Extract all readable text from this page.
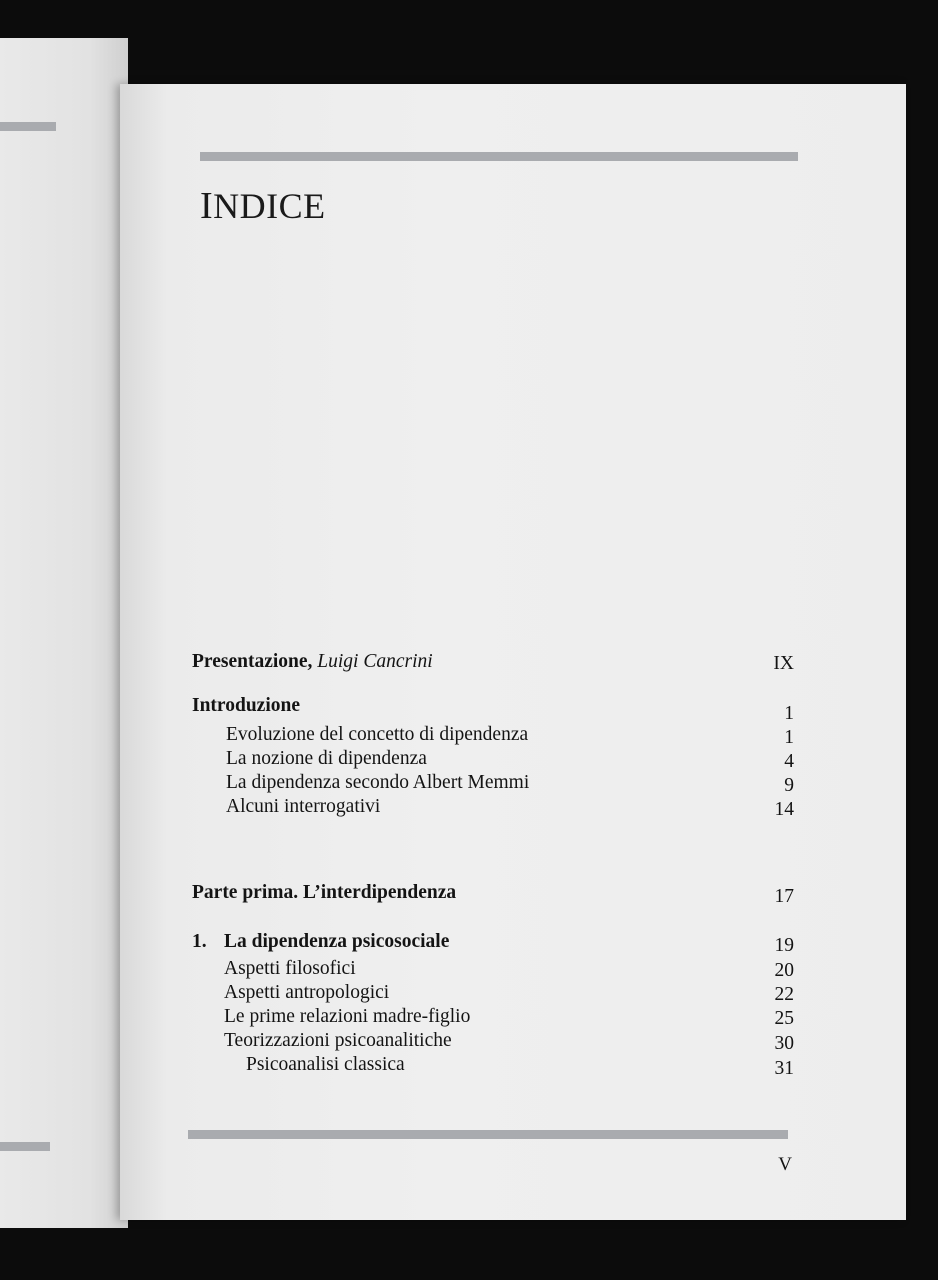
INDICE
Presentazione, Luigi Cancrini	IX
Introduzione	1
Evoluzione del concetto di dipendenza	1
La nozione di dipendenza	4
La dipendenza secondo Albert Memmi	9
Alcuni interrogativi	14
Parte prima. L’interdipendenza	17
1. La dipendenza psicosociale	19
Aspetti filosofici	20
Aspetti antropologici	22
Le prime relazioni madre-figlio	25
Teorizzazioni psicoanalitiche	30
Psicoanalisi classica	31
V
